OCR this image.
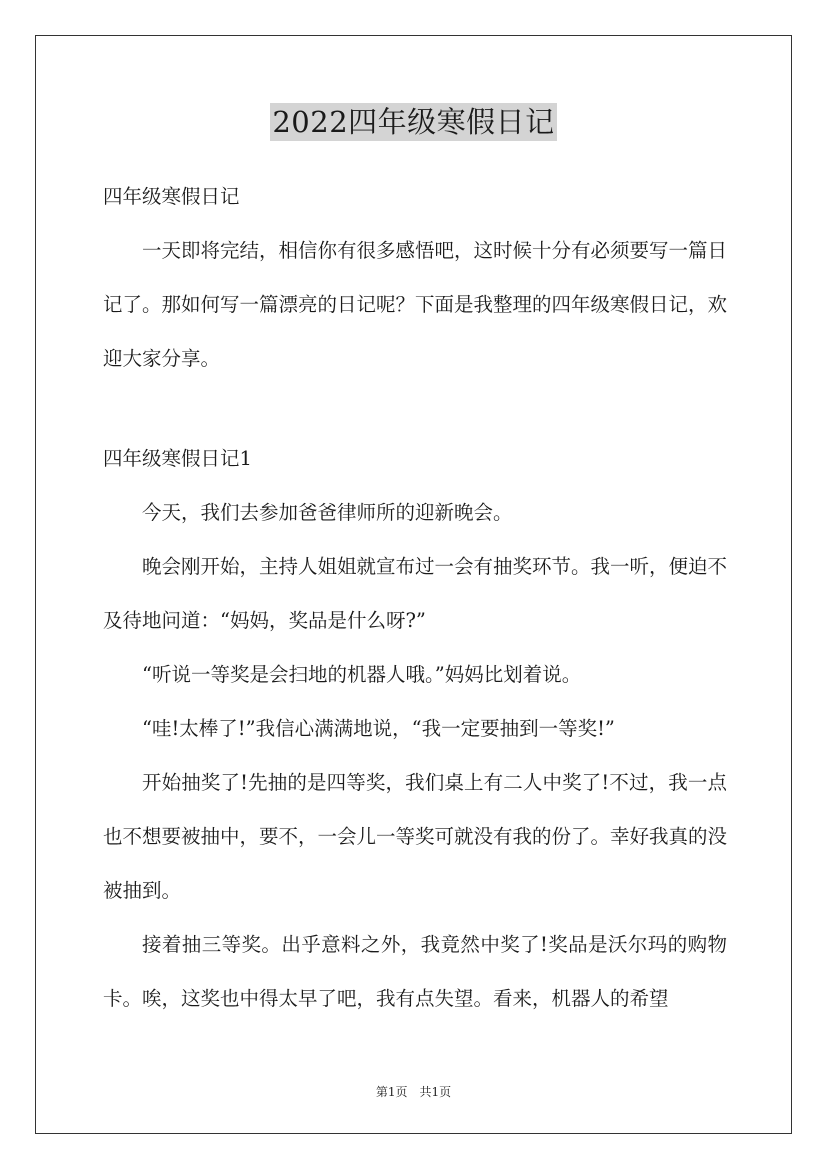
2022四年级寒假日记

四年级寒假日记

一天即将完结，相信你有很多感悟吧，这时候十分有必须要写一篇日记了。那如何写一篇漂亮的日记呢？下面是我整理的四年级寒假日记，欢迎大家分享。

四年级寒假日记1

今天，我们去参加爸爸律师所的迎新晚会。

晚会刚开始，主持人姐姐就宣布过一会有抽奖环节。我一听，便迫不及待地问道：“妈妈，奖品是什么呀?”

“听说一等奖是会扫地的机器人哦。”妈妈比划着说。

“哇!太棒了!”我信心满满地说，“我一定要抽到一等奖!”

开始抽奖了!先抽的是四等奖，我们桌上有二人中奖了!不过，我一点也不想要被抽中，要不，一会儿一等奖可就没有我的份了。幸好我真的没被抽到。

接着抽三等奖。出乎意料之外，我竟然中奖了!奖品是沃尔玛的购物卡。唉，这奖也中得太早了吧，我有点失望。看来，机器人的希望

第1页　共1页
